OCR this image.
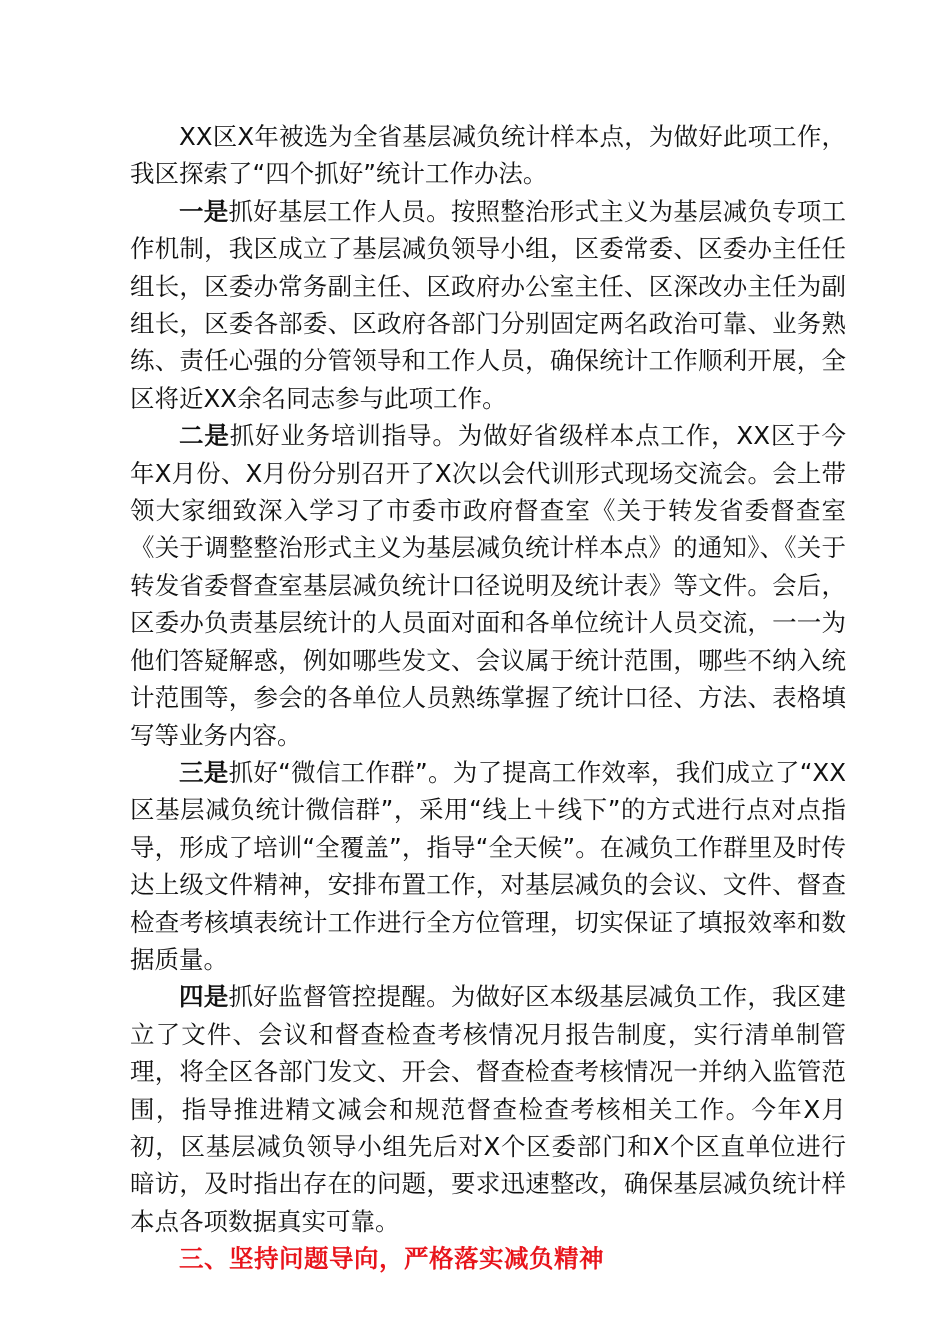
XX区X年被选为全省基层减负统计样本点，为做好此项工作，我区探索了“四个抓好”统计工作办法。

一是抓好基层工作人员。按照整治形式主义为基层减负专项工作机制，我区成立了基层减负领导小组，区委常委、区委办主任任组长，区委办常务副主任、区政府办公室主任、区深改办主任为副组长，区委各部委、区政府各部门分别固定两名政治可靠、业务熟练、责任心强的分管领导和工作人员，确保统计工作顺利开展，全区将近XX余名同志参与此项工作。

二是抓好业务培训指导。为做好省级样本点工作，XX区于今年X月份、X月份分别召开了X次以会代训形式现场交流会。会上带领大家细致深入学习了市委市政府督查室《关于转发省委督查室《关于调整整治形式主义为基层减负统计样本点》的通知》、《关于转发省委督查室基层减负统计口径说明及统计表》等文件。会后，区委办负责基层统计的人员面对面和各单位统计人员交流，一一为他们答疑解惑，例如哪些发文、会议属于统计范围，哪些不纳入统计范围等，参会的各单位人员熟练掌握了统计口径、方法、表格填写等业务内容。

三是抓好“微信工作群”。为了提高工作效率，我们成立了“XX区基层减负统计微信群”，采用“线上＋线下”的方式进行点对点指导，形成了培训“全覆盖”，指导“全天候”。在减负工作群里及时传达上级文件精神，安排布置工作，对基层减负的会议、文件、督查检查考核填表统计工作进行全方位管理，切实保证了填报效率和数据质量。

四是抓好监督管控提醒。为做好区本级基层减负工作，我区建立了文件、会议和督查检查考核情况月报告制度，实行清单制管理，将全区各部门发文、开会、督查检查考核情况一并纳入监管范围，指导推进精文减会和规范督查检查考核相关工作。今年X月初，区基层减负领导小组先后对X个区委部门和X个区直单位进行暗访，及时指出存在的问题，要求迅速整改，确保基层减负统计样本点各项数据真实可靠。

三、坚持问题导向，严格落实减负精神
